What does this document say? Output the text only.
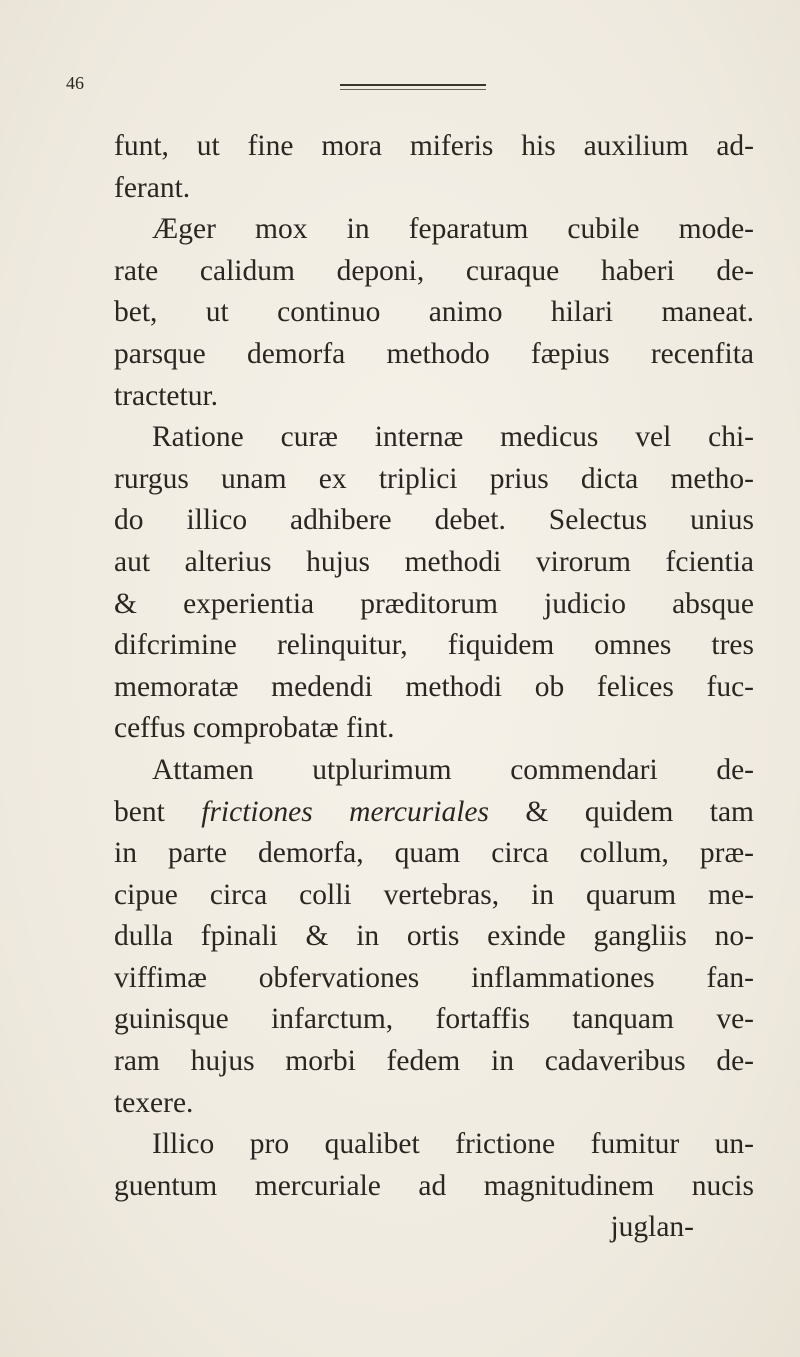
46
funt, ut fine mora miferis his auxilium ad-
ferant.
Æger mox in feparatum cubile mode-
rate calidum deponi, curaque haberi de-
bet, ut continuo animo hilari maneat.
parsque demorfa methodo fæpius recenfita
tractetur.
Ratione curæ internæ medicus vel chi-
rurgus unam ex triplici prius dicta metho-
do illico adhibere debet. Selectus unius
aut alterius hujus methodi virorum fcientia
& experientia præditorum judicio absque
difcrimine relinquitur, fiquidem omnes tres
memoratæ medendi methodi ob felices fuc-
ceffus comprobatæ fint.
Attamen utplurimum commendari de-
bent frictiones mercuriales & quidem tam
in parte demorfa, quam circa collum, præ-
cipue circa colli vertebras, in quarum me-
dulla fpinali & in ortis exinde gangliis no-
viffimæ obfervationes inflammationes fan-
guinisque infarctum, fortaffis tanquam ve-
ram hujus morbi fedem in cadaveribus de-
texere.
Illico pro qualibet frictione fumitur un-
guentum mercuriale ad magnitudinem nucis
juglan-
